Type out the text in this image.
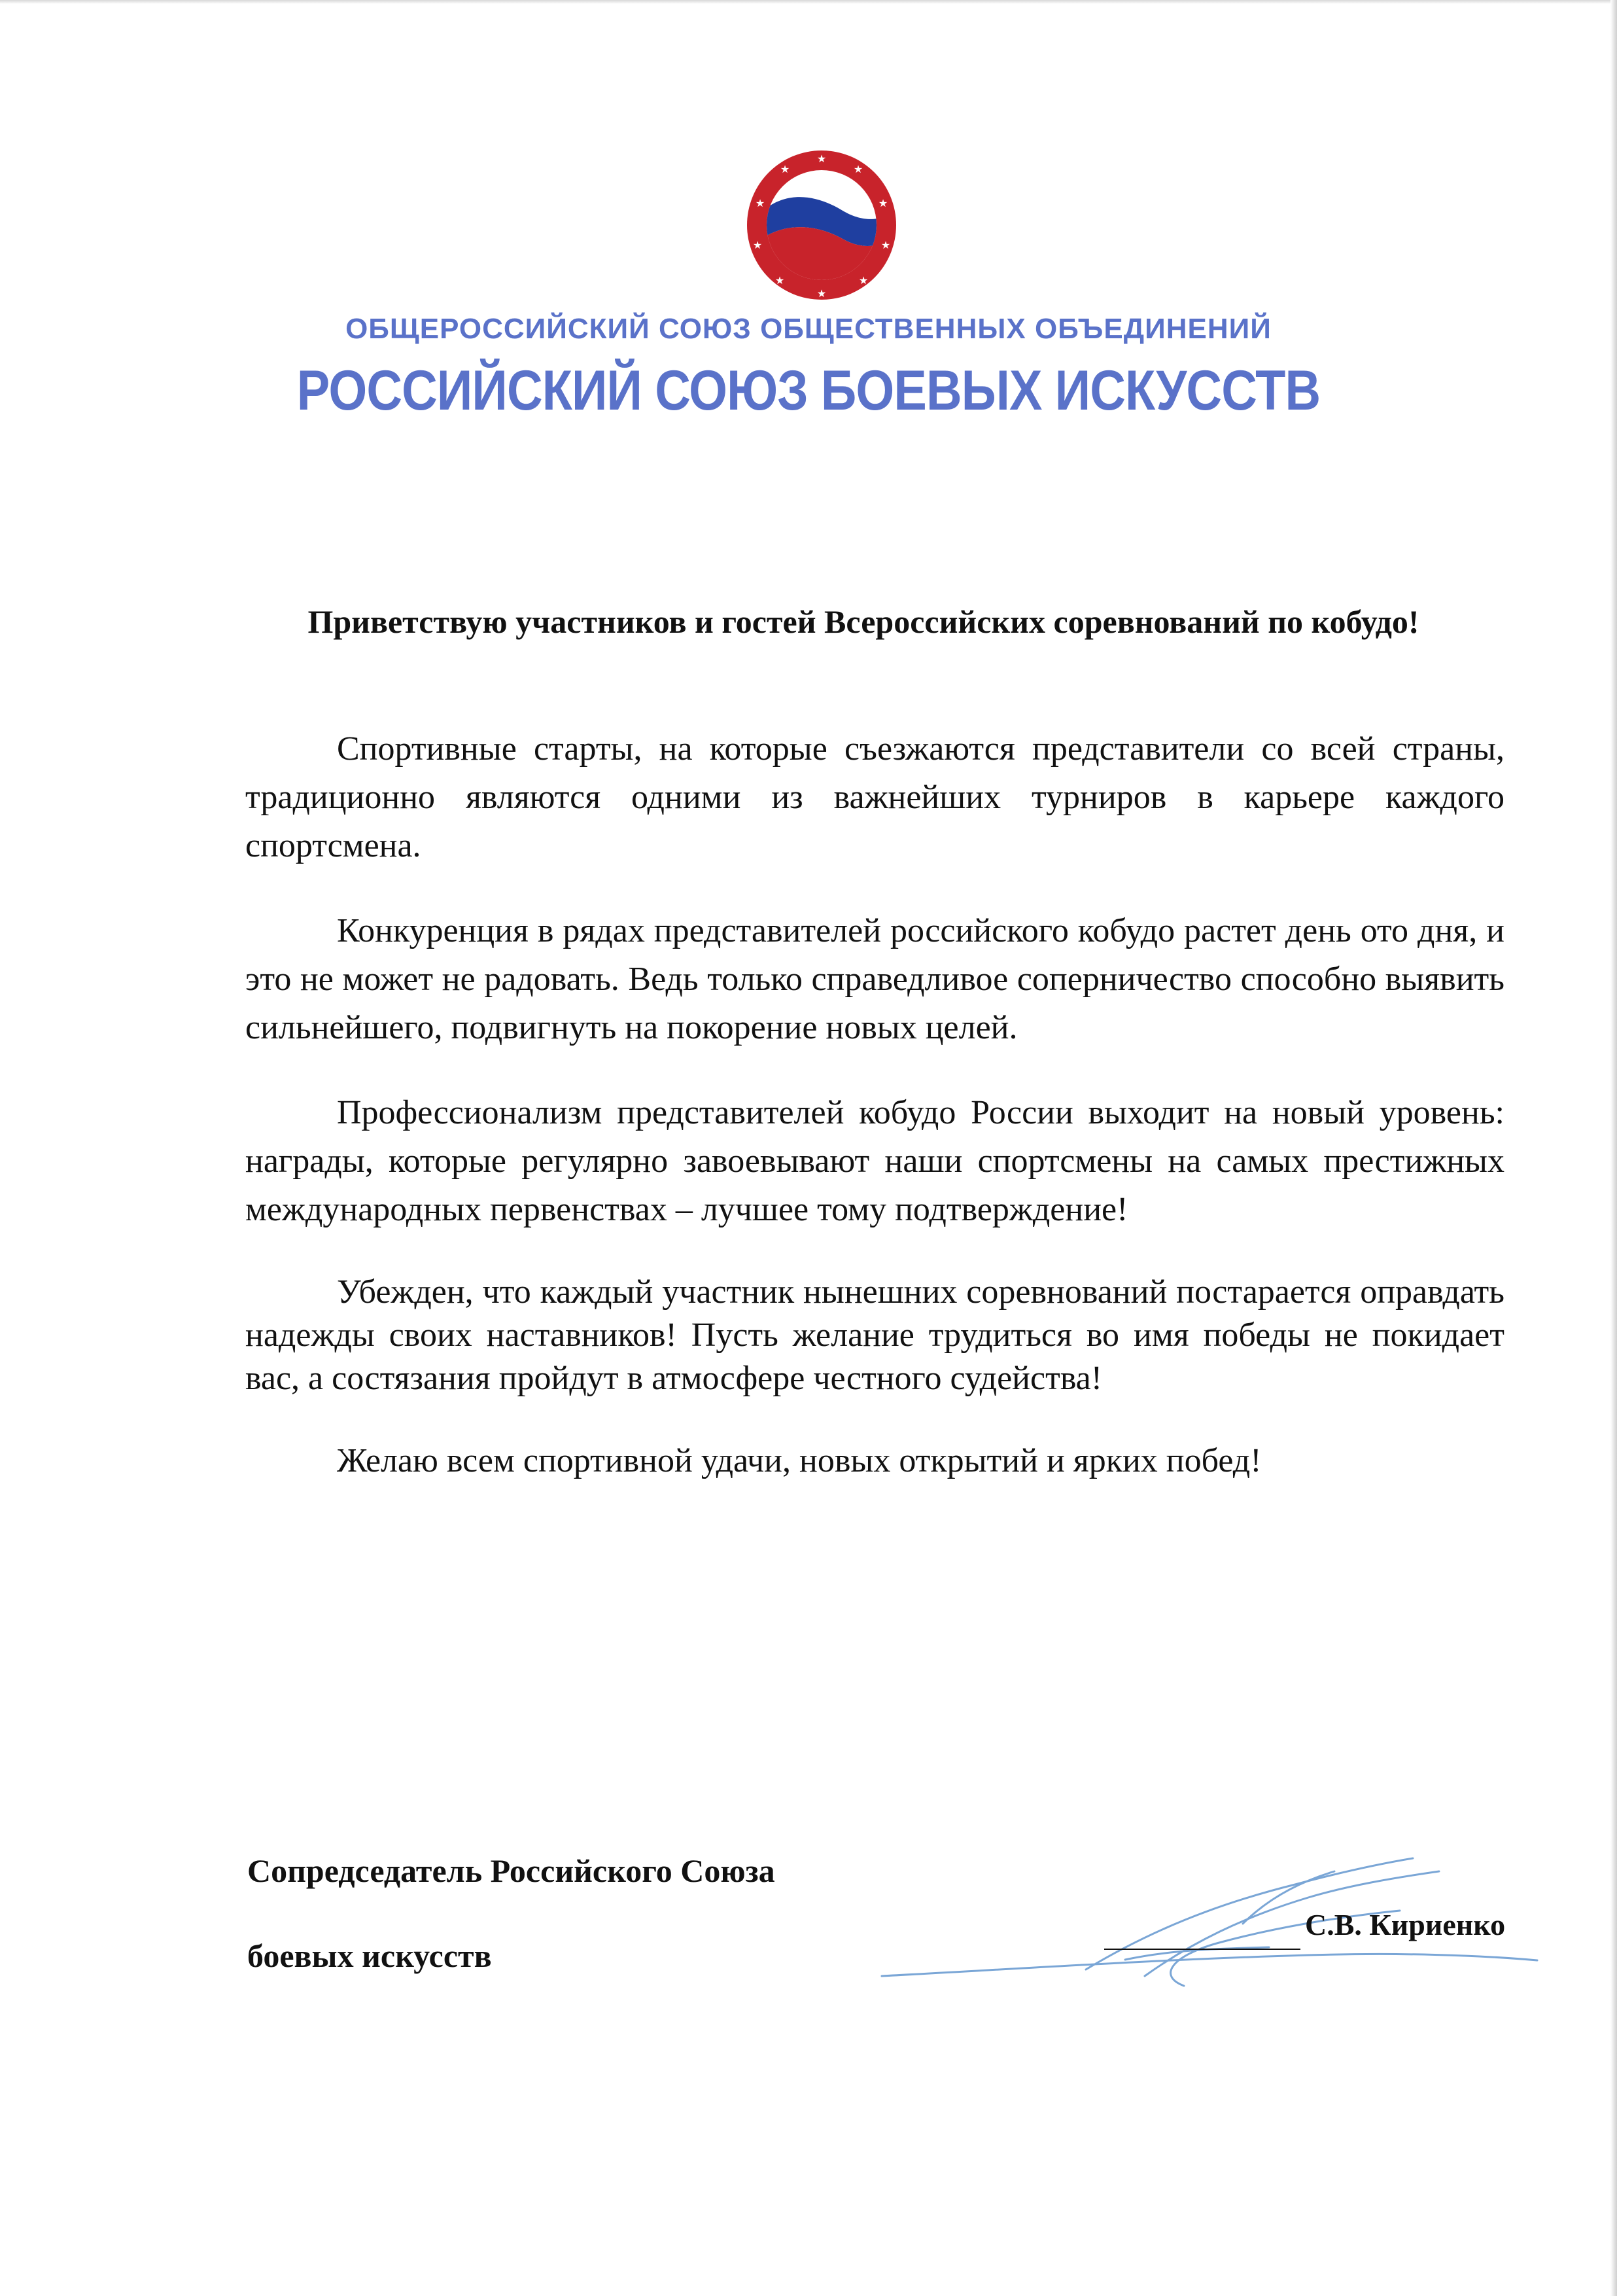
★
★	★
★	★
★	★
★	★
★
ОБЩЕРОССИЙСКИЙ СОЮЗ ОБЩЕСТВЕННЫХ ОБЪЕДИНЕНИЙ
РОССИЙСКИЙ СОЮЗ БОЕВЫХ ИСКУССТВ
Приветствую участников и гостей Всероссийских соревнований по кобудо!

Спортивные старты, на которые съезжаются представители со всей страны, традиционно являются одними из важнейших турниров в карьере каждого спортсмена.

Конкуренция в рядах представителей российского кобудо растет день ото дня, и это не может не радовать. Ведь только справедливое соперничество способно выявить сильнейшего, подвигнуть на покорение новых целей.

Профессионализм представителей кобудо России выходит на новый уровень: награды, которые регулярно завоевывают наши спортсмены на самых престижных международных первенствах – лучшее тому подтверждение!

Убежден, что каждый участник нынешних соревнований постарается оправдать надежды своих наставников! Пусть желание трудиться во имя победы не покидает вас, а состязания пройдут в атмосфере честного судейства!

Желаю всем спортивной удачи, новых открытий и ярких побед!

Сопредседатель Российского Союза
боевых искусств
С.В. Кириенко
